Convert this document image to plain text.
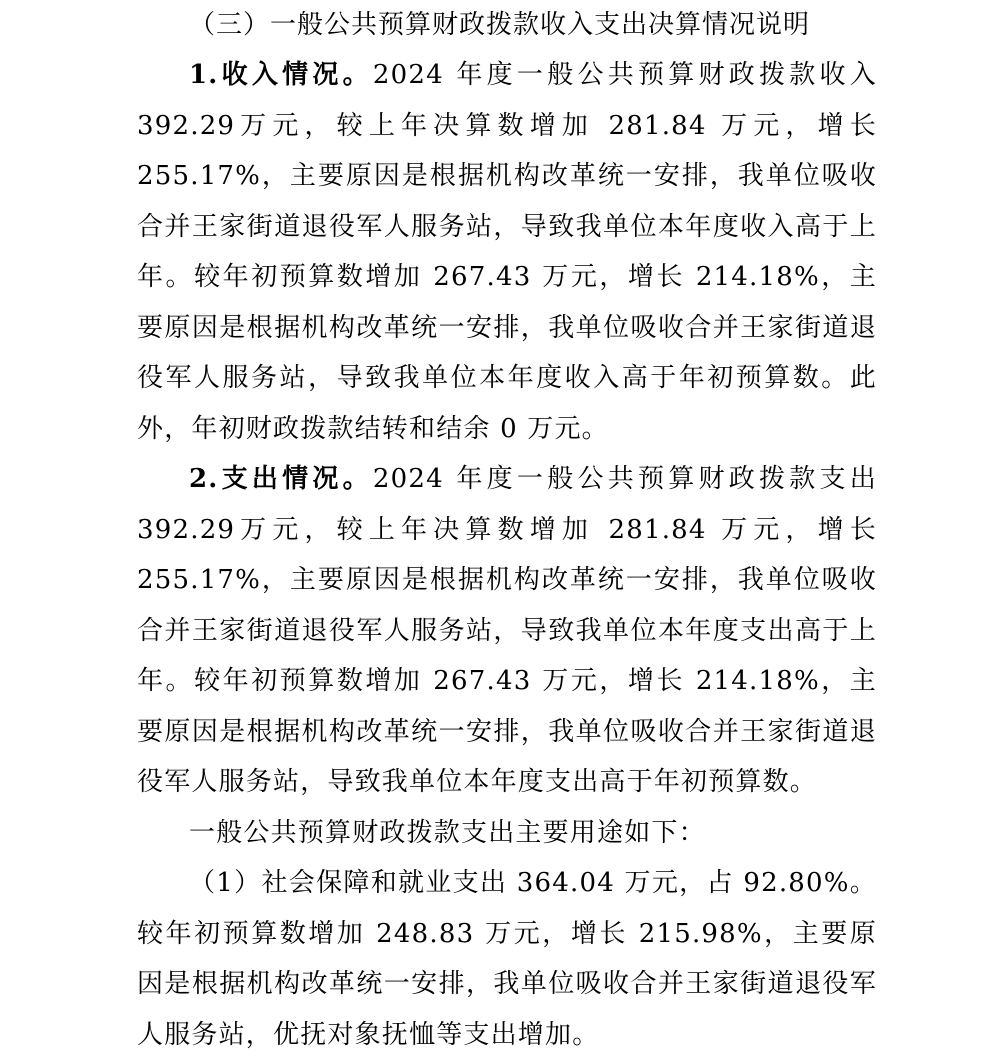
（三）一般公共预算财政拨款收入支出决算情况说明

1.收入情况。2024 年度一般公共预算财政拨款收入 392.29万元，较上年决算数增加 281.84 万元，增长 255.17%，主要原因是根据机构改革统一安排，我单位吸收合并王家街道退役军人服务站，导致我单位本年度收入高于上年。较年初预算数增加 267.43 万元，增长 214.18%，主要原因是根据机构改革统一安排，我单位吸收合并王家街道退役军人服务站，导致我单位本年度收入高于年初预算数。此外，年初财政拨款结转和结余 0 万元。

2.支出情况。2024 年度一般公共预算财政拨款支出 392.29万元，较上年决算数增加 281.84 万元，增长 255.17%，主要原因是根据机构改革统一安排，我单位吸收合并王家街道退役军人服务站，导致我单位本年度支出高于上年。较年初预算数增加 267.43 万元，增长 214.18%，主要原因是根据机构改革统一安排，我单位吸收合并王家街道退役军人服务站，导致我单位本年度支出高于年初预算数。

一般公共预算财政拨款支出主要用途如下：

（1）社会保障和就业支出 364.04 万元，占 92.80%。较年初预算数增加 248.83 万元，增长 215.98%，主要原因是根据机构改革统一安排，我单位吸收合并王家街道退役军人服务站，优抚对象抚恤等支出增加。
